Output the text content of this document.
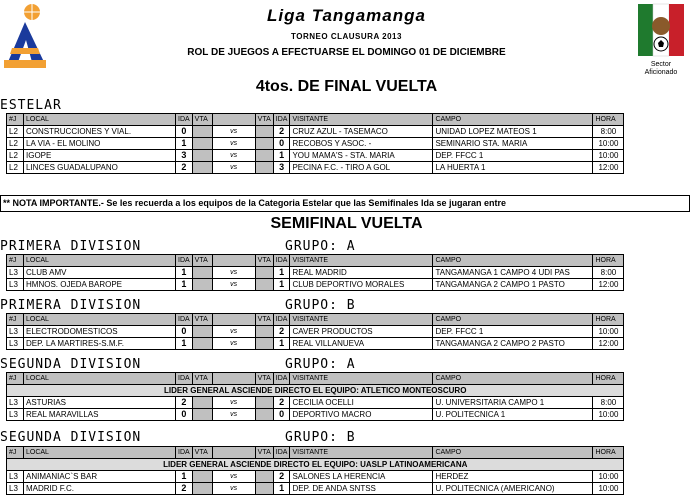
Liga Tangamanga
TORNEO CLAUSURA 2013
ROL DE JUEGOS A EFECTUARSE EL DOMINGO 01 DE DICIEMBRE
Sector
Aficionado
4tos. DE FINAL VUELTA
ESTELAR
#J	LOCAL	IDA	VTA		VTA	IDA	VISITANTE	CAMPO	HORA
L2	CONSTRUCCIONES Y VIAL.	0		vs		2	CRUZ AZUL - TASEMACO	UNIDAD LOPEZ MATEOS 1	8:00
L2	LA VIA - EL MOLINO	1		vs		0	RECOBOS Y ASOC. -	SEMINARIO STA. MARIA	10:00
L2	IGOPE	3		vs		1	YOU MAMA'S - STA. MARIA	DEP. FFCC 1	10:00
L2	LINCES GUADALUPANO	2		vs		3	PECINA F.C. - TIRO A GOL	LA HUERTA 1	12:00
** NOTA IMPORTANTE.- Se les recuerda a los equipos de la Categoria Estelar que las Semifinales Ida se jugaran entre
SEMIFINAL VUELTA
PRIMERA DIVISION	GRUPO: A
#J	LOCAL	IDA	VTA		VTA	IDA	VISITANTE	CAMPO	HORA
L3	CLUB AMV	1		vs		1	REAL MADRID	TANGAMANGA 1 CAMPO 4 UDI PAS	8:00
L3	HMNOS. OJEDA BAROPE	1		vs		1	CLUB DEPORTIVO MORALES	TANGAMANGA 2 CAMPO 1 PASTO	12:00
PRIMERA DIVISION	GRUPO: B
#J	LOCAL	IDA	VTA		VTA	IDA	VISITANTE	CAMPO	HORA
L3	ELECTRODOMESTICOS	0		vs		2	CAVER PRODUCTOS	DEP. FFCC 1	10:00
L3	DEP. LA MARTIRES-S.M.F.	1		vs		1	REAL VILLANUEVA	TANGAMANGA 2 CAMPO 2 PASTO	12:00
SEGUNDA DIVISION	GRUPO: A
#J	LOCAL	IDA	VTA		VTA	IDA	VISITANTE	CAMPO	HORA
LIDER GENERAL ASCIENDE DIRECTO EL EQUIPO: ATLETICO MONTEOSCURO									
L3	ASTURIAS	2		vs		2	CECILIA OCELLI	U. UNIVERSITARIA CAMPO 1	8:00
L3	REAL MARAVILLAS	0		vs		0	DEPORTIVO MACRO	U. POLITECNICA 1	10:00
SEGUNDA DIVISION	GRUPO: B
#J	LOCAL	IDA	VTA		VTA	IDA	VISITANTE	CAMPO	HORA
LIDER GENERAL ASCIENDE DIRECTO EL EQUIPO: UASLP LATINOAMERICANA									
L3	ANIMANIAC`S BAR	1		vs		2	SALONES LA HERENCIA	HERDEZ	10:00
L3	MADRID F.C.	2		vs		1	DEP. DE ANDA SNTSS	U. POLITECNICA (AMERICANO)	10:00
